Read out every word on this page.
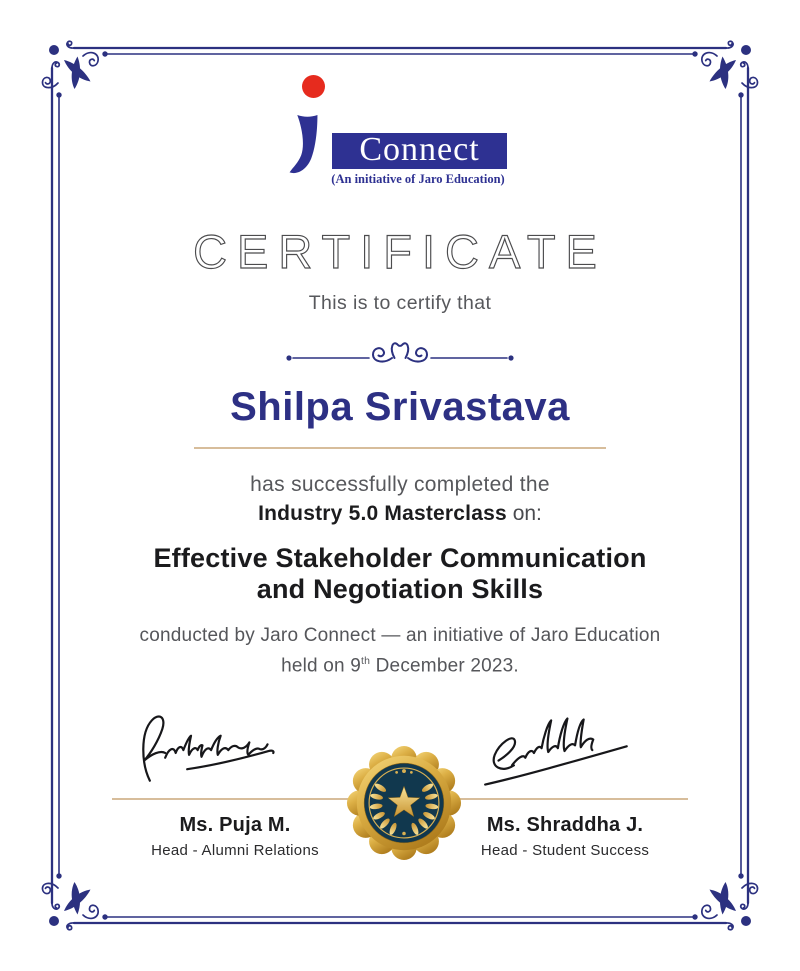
Connect
(An initiative of Jaro Education)
CERTIFICATE
This is to certify that
Shilpa Srivastava
has successfully completed the
Industry 5.0 Masterclass on:
Effective Stakeholder Communication
and Negotiation Skills
conducted by Jaro Connect — an initiative of Jaro Education
held on 9th December 2023.
Ms. Puja M.
Head - Alumni Relations
Ms. Shraddha J.
Head - Student Success
